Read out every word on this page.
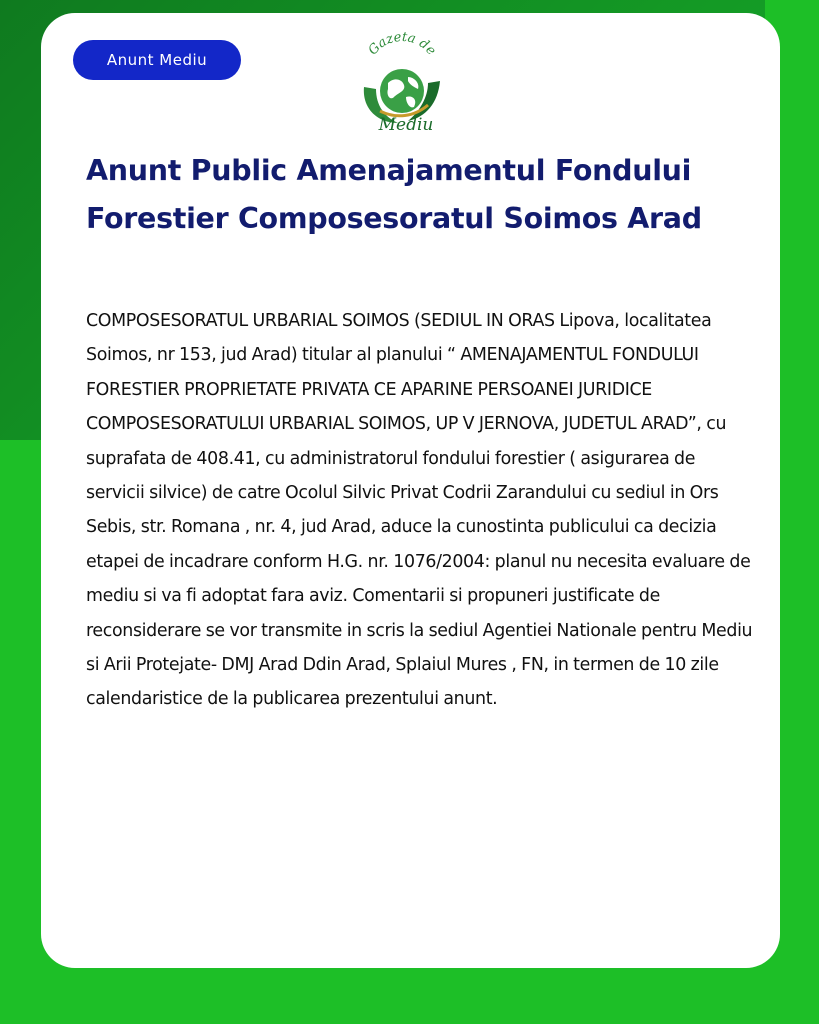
Anunt Mediu
Gazeta de
Mediu
Anunt Public Amenajamentul Fondului Forestier Composesoratul Soimos Arad

COMPOSESORATUL URBARIAL SOIMOS (SEDIUL IN ORAS Lipova, localitatea Soimos, nr 153, jud Arad) titular al planului “ AMENAJAMENTUL FONDULUI FORESTIER PROPRIETATE PRIVATA CE APARINE PERSOANEI JURIDICE COMPOSESORATULUI URBARIAL SOIMOS, UP V JERNOVA, JUDETUL ARAD”, cu suprafata de 408.41, cu administratorul fondului forestier ( asigurarea de servicii silvice) de catre Ocolul Silvic Privat Codrii Zarandului cu sediul in Ors Sebis, str. Romana , nr. 4, jud Arad, aduce la cunostinta publicului ca decizia etapei de incadrare conform H.G. nr. 1076/2004: planul nu necesita evaluare de mediu si va fi adoptat fara aviz. Comentarii si propuneri justificate de reconsiderare se vor transmite in scris la sediul Agentiei Nationale pentru Mediu si Arii Protejate- DMJ Arad Ddin Arad, Splaiul Mures , FN, in termen de 10 zile calendaristice de la publicarea prezentului anunt.
